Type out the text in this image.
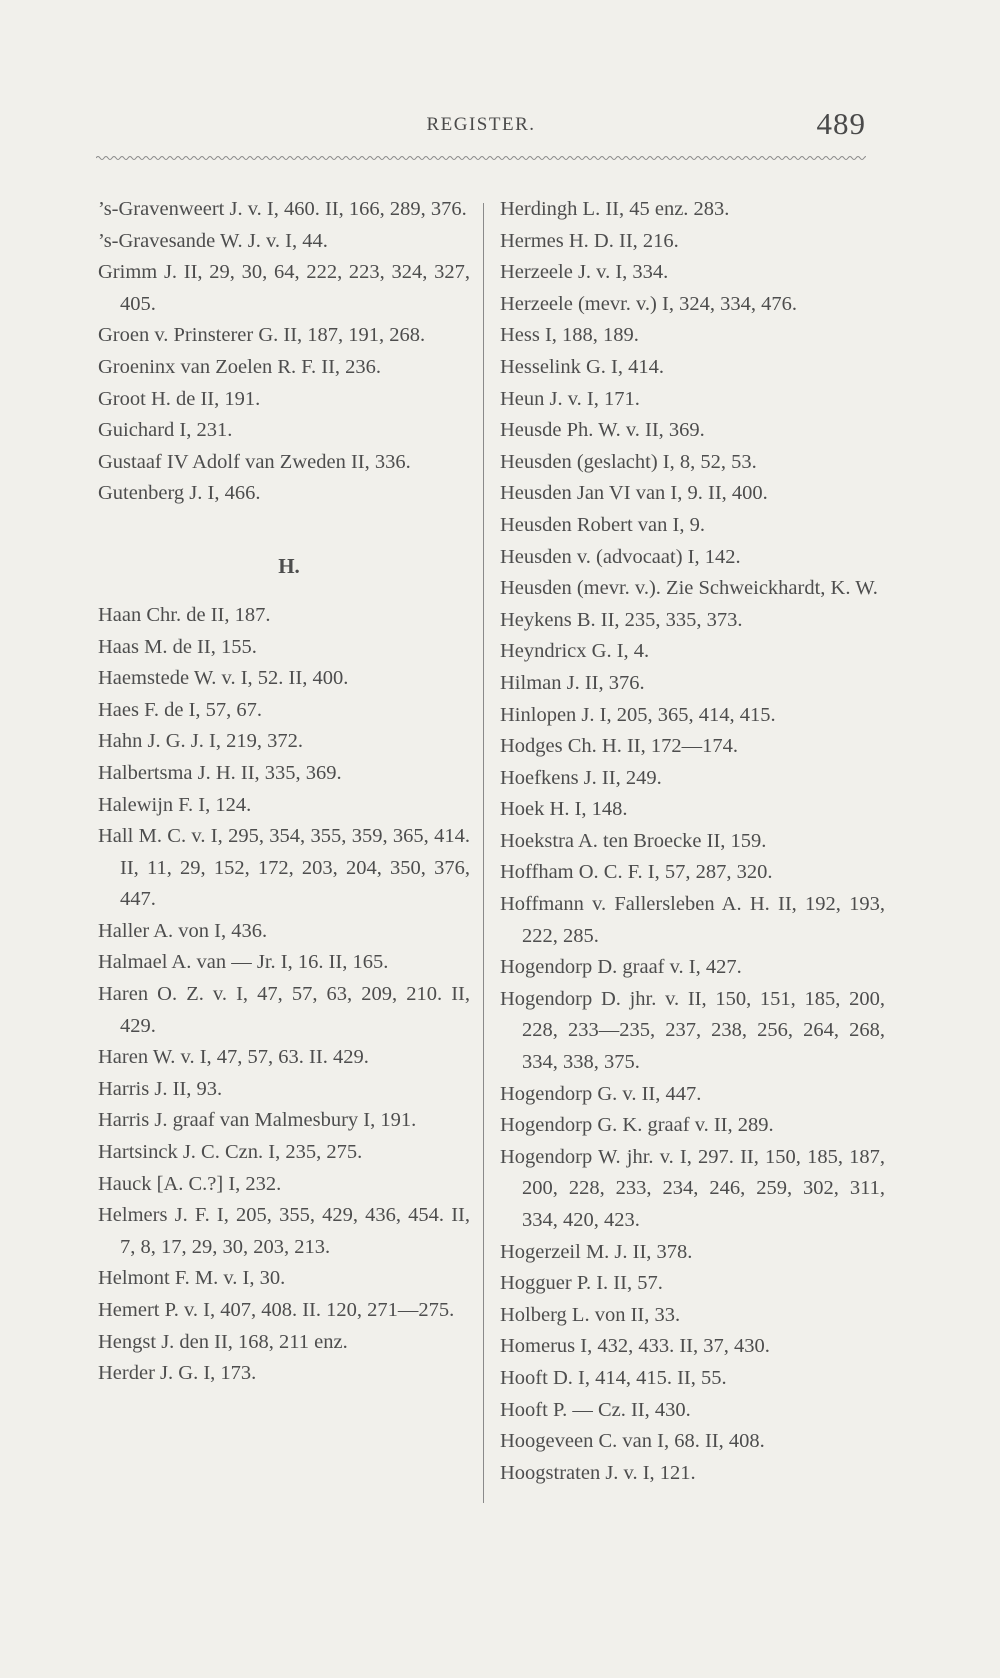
REGISTER.	489
’s-Gravenweert J. v. I, 460. II, 166, 289, 376.
’s-Gravesande W. J. v. I, 44.
Grimm J. II, 29, 30, 64, 222, 223, 324, 327, 405.
Groen v. Prinsterer G. II, 187, 191, 268.
Groeninx van Zoelen R. F. II, 236.
Groot H. de II, 191.
Guichard I, 231.
Gustaaf IV Adolf van Zweden II, 336.
Gutenberg J. I, 466.
H.
Haan Chr. de II, 187.
Haas M. de II, 155.
Haemstede W. v. I, 52. II, 400.
Haes F. de I, 57, 67.
Hahn J. G. J. I, 219, 372.
Halbertsma J. H. II, 335, 369.
Halewijn F. I, 124.
Hall M. C. v. I, 295, 354, 355, 359, 365, 414. II, 11, 29, 152, 172, 203, 204, 350, 376, 447.
Haller A. von I, 436.
Halmael A. van — Jr. I, 16. II, 165.
Haren O. Z. v. I, 47, 57, 63, 209, 210. II, 429.
Haren W. v. I, 47, 57, 63. II. 429.
Harris J. II, 93.
Harris J. graaf van Malmesbury I, 191.
Hartsinck J. C. Czn. I, 235, 275.
Hauck [A. C.?] I, 232.
Helmers J. F. I, 205, 355, 429, 436, 454. II, 7, 8, 17, 29, 30, 203, 213.
Helmont F. M. v. I, 30.
Hemert P. v. I, 407, 408. II. 120, 271—275.
Hengst J. den II, 168, 211 enz.
Herder J. G. I, 173.
Herdingh L. II, 45 enz. 283.
Hermes H. D. II, 216.
Herzeele J. v. I, 334.
Herzeele (mevr. v.) I, 324, 334, 476.
Hess I, 188, 189.
Hesselink G. I, 414.
Heun J. v. I, 171.
Heusde Ph. W. v. II, 369.
Heusden (geslacht) I, 8, 52, 53.
Heusden Jan VI van I, 9. II, 400.
Heusden Robert van I, 9.
Heusden v. (advocaat) I, 142.
Heusden (mevr. v.). Zie Schweickhardt, K. W.
Heykens B. II, 235, 335, 373.
Heyndricx G. I, 4.
Hilman J. II, 376.
Hinlopen J. I, 205, 365, 414, 415.
Hodges Ch. H. II, 172—174.
Hoefkens J. II, 249.
Hoek H. I, 148.
Hoekstra A. ten Broecke II, 159.
Hoffham O. C. F. I, 57, 287, 320.
Hoffmann v. Fallersleben A. H. II, 192, 193, 222, 285.
Hogendorp D. graaf v. I, 427.
Hogendorp D. jhr. v. II, 150, 151, 185, 200, 228, 233—235, 237, 238, 256, 264, 268, 334, 338, 375.
Hogendorp G. v. II, 447.
Hogendorp G. K. graaf v. II, 289.
Hogendorp W. jhr. v. I, 297. II, 150, 185, 187, 200, 228, 233, 234, 246, 259, 302, 311, 334, 420, 423.
Hogerzeil M. J. II, 378.
Hogguer P. I. II, 57.
Holberg L. von II, 33.
Homerus I, 432, 433. II, 37, 430.
Hooft D. I, 414, 415. II, 55.
Hooft P. — Cz. II, 430.
Hoogeveen C. van I, 68. II, 408.
Hoogstraten J. v. I, 121.
